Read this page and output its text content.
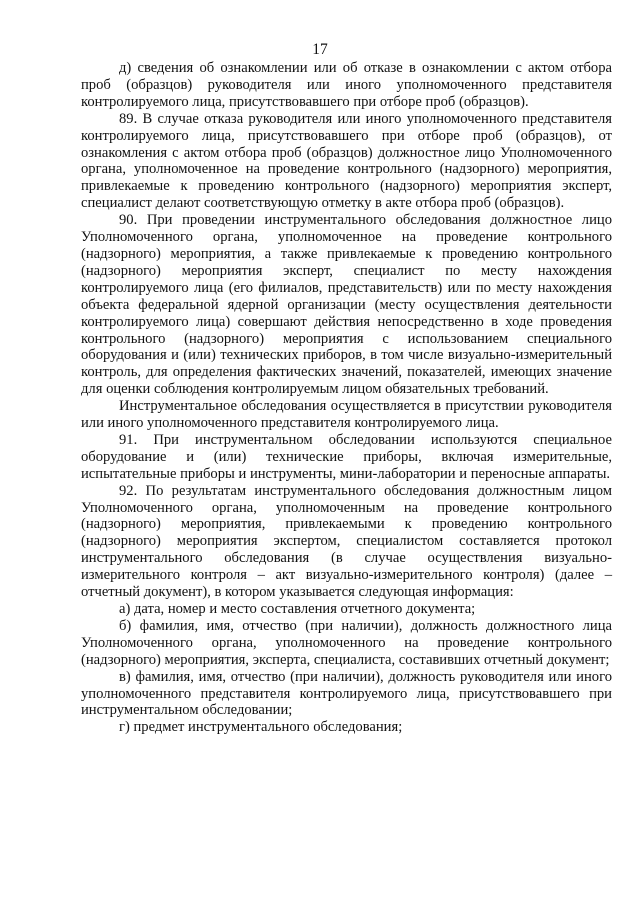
17

д) сведения об ознакомлении или об отказе в ознакомлении с актом отбора проб (образцов) руководителя или иного уполномоченного представителя контролируемого лица, присутствовавшего при отборе проб (образцов).

89. В случае отказа руководителя или иного уполномоченного представителя контролируемого лица, присутствовавшего при отборе проб (образцов), от ознакомления с актом отбора проб (образцов) должностное лицо Уполномоченного органа, уполномоченное на проведение контрольного (надзорного) мероприятия, привлекаемые к проведению контрольного (надзорного) мероприятия эксперт, специалист делают соответствующую отметку в акте отбора проб (образцов).

90. При проведении инструментального обследования должностное лицо Уполномоченного органа, уполномоченное на проведение контрольного (надзорного) мероприятия, а также привлекаемые к проведению контрольного (надзорного) мероприятия эксперт, специалист по месту нахождения контролируемого лица (его филиалов, представительств) или по месту нахождения объекта федеральной ядерной организации (месту осуществления деятельности контролируемого лица) совершают действия непосредственно в ходе проведения контрольного (надзорного) мероприятия с использованием специального оборудования и (или) технических приборов, в том числе визуально-измерительный контроль, для определения фактических значений, показателей, имеющих значение для оценки соблюдения контролируемым лицом обязательных требований.

Инструментальное обследования осуществляется в присутствии руководителя или иного уполномоченного представителя контролируемого лица.

91. При инструментальном обследовании используются специальное оборудование и (или) технические приборы, включая измерительные, испытательные приборы и инструменты, мини-лаборатории и переносные аппараты.

92. По результатам инструментального обследования должностным лицом Уполномоченного органа, уполномоченным на проведение контрольного (надзорного) мероприятия, привлекаемыми к проведению контрольного (надзорного) мероприятия экспертом, специалистом составляется протокол инструментального обследования (в случае осуществления визуально-измерительного контроля – акт визуально-измерительного контроля) (далее – отчетный документ), в котором указывается следующая информация:

а) дата, номер и место составления отчетного документа;

б) фамилия, имя, отчество (при наличии), должность должностного лица Уполномоченного органа, уполномоченного на проведение контрольного (надзорного) мероприятия, эксперта, специалиста, составивших отчетный документ;

в) фамилия, имя, отчество (при наличии), должность руководителя или иного уполномоченного представителя контролируемого лица, присутствовавшего при инструментальном обследовании;

г) предмет инструментального обследования;
